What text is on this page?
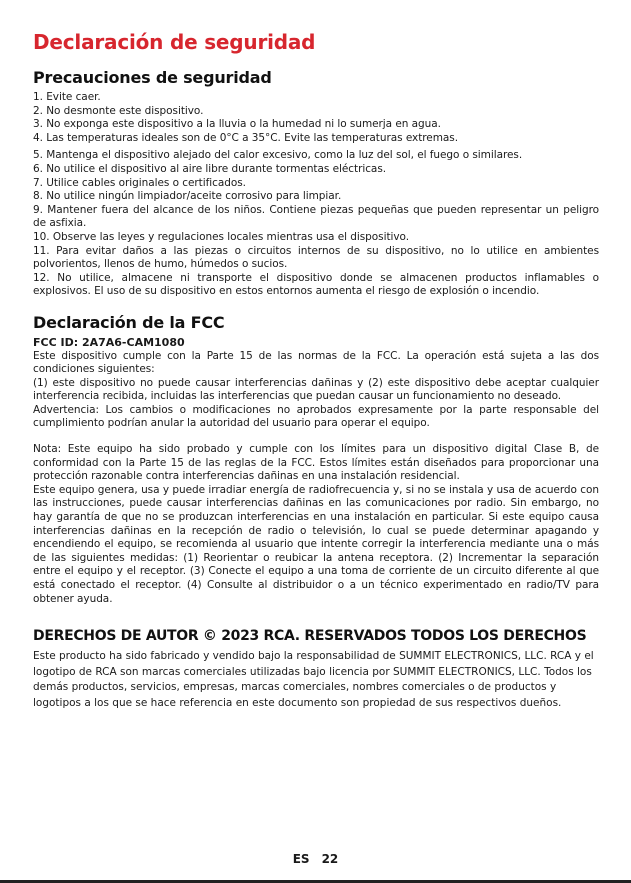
Declaración de seguridad
Precauciones de seguridad
1. Evite caer.
2. No desmonte este dispositivo.
3. No exponga este dispositivo a la lluvia o la humedad ni lo sumerja en agua.
4. Las temperaturas ideales son de 0°C a 35°C. Evite las temperaturas extremas.
5. Mantenga el dispositivo alejado del calor excesivo, como la luz del sol, el fuego o similares.
6. No utilice el dispositivo al aire libre durante tormentas eléctricas.
7. Utilice cables originales o certificados.
8. No utilice ningún limpiador/aceite corrosivo para limpiar.
9. Mantener fuera del alcance de los niños. Contiene piezas pequeñas que pueden representar un peligro de asfixia.
10. Observe las leyes y regulaciones locales mientras usa el dispositivo.
11. Para evitar daños a las piezas o circuitos internos de su dispositivo, no lo utilice en ambientes polvorientos, llenos de humo, húmedos o sucios.
12. No utilice, almacene ni transporte el dispositivo donde se almacenen productos inflamables o explosivos. El uso de su dispositivo en estos entornos aumenta el riesgo de explosión o incendio.
Declaración de la FCC

FCC ID: 2A7A6-CAM1080

Este dispositivo cumple con la Parte 15 de las normas de la FCC. La operación está sujeta a las dos condiciones siguientes:

(1) este dispositivo no puede causar interferencias dañinas y (2) este dispositivo debe aceptar cualquier interferencia recibida, incluidas las interferencias que puedan causar un funcionamiento no deseado.

Advertencia: Los cambios o modificaciones no aprobados expresamente por la parte responsable del cumplimiento podrían anular la autoridad del usuario para operar el equipo.

Nota: Este equipo ha sido probado y cumple con los límites para un dispositivo digital Clase B, de conformidad con la Parte 15 de las reglas de la FCC. Estos límites están diseñados para proporcionar una protección razonable contra interferencias dañinas en una instalación residencial.

Este equipo genera, usa y puede irradiar energía de radiofrecuencia y, si no se instala y usa de acuerdo con las instrucciones, puede causar interferencias dañinas en las comunicaciones por radio. Sin embargo, no hay garantía de que no se produzcan interferencias en una instalación en particular. Si este equipo causa interferencias dañinas en la recepción de radio o televisión, lo cual se puede determinar apagando y encendiendo el equipo, se recomienda al usuario que intente corregir la interferencia mediante una o más de las siguientes medidas: (1) Reorientar o reubicar la antena receptora. (2) Incrementar la separación entre el equipo y el receptor. (3) Conecte el equipo a una toma de corriente de un circuito diferente al que está conectado el receptor. (4) Consulte al distribuidor o a un técnico experimentado en radio/TV para obtener ayuda.

DERECHOS DE AUTOR © 2023 RCA. RESERVADOS TODOS LOS DERECHOS

Este producto ha sido fabricado y vendido bajo la responsabilidad de SUMMIT ELECTRONICS, LLC. RCA y el logotipo de RCA son marcas comerciales utilizadas bajo licencia por SUMMIT ELECTRONICS, LLC. Todos los demás productos, servicios, empresas, marcas comerciales, nombres comerciales o de productos y logotipos a los que se hace referencia en este documento son propiedad de sus respectivos dueños.

ES 22
